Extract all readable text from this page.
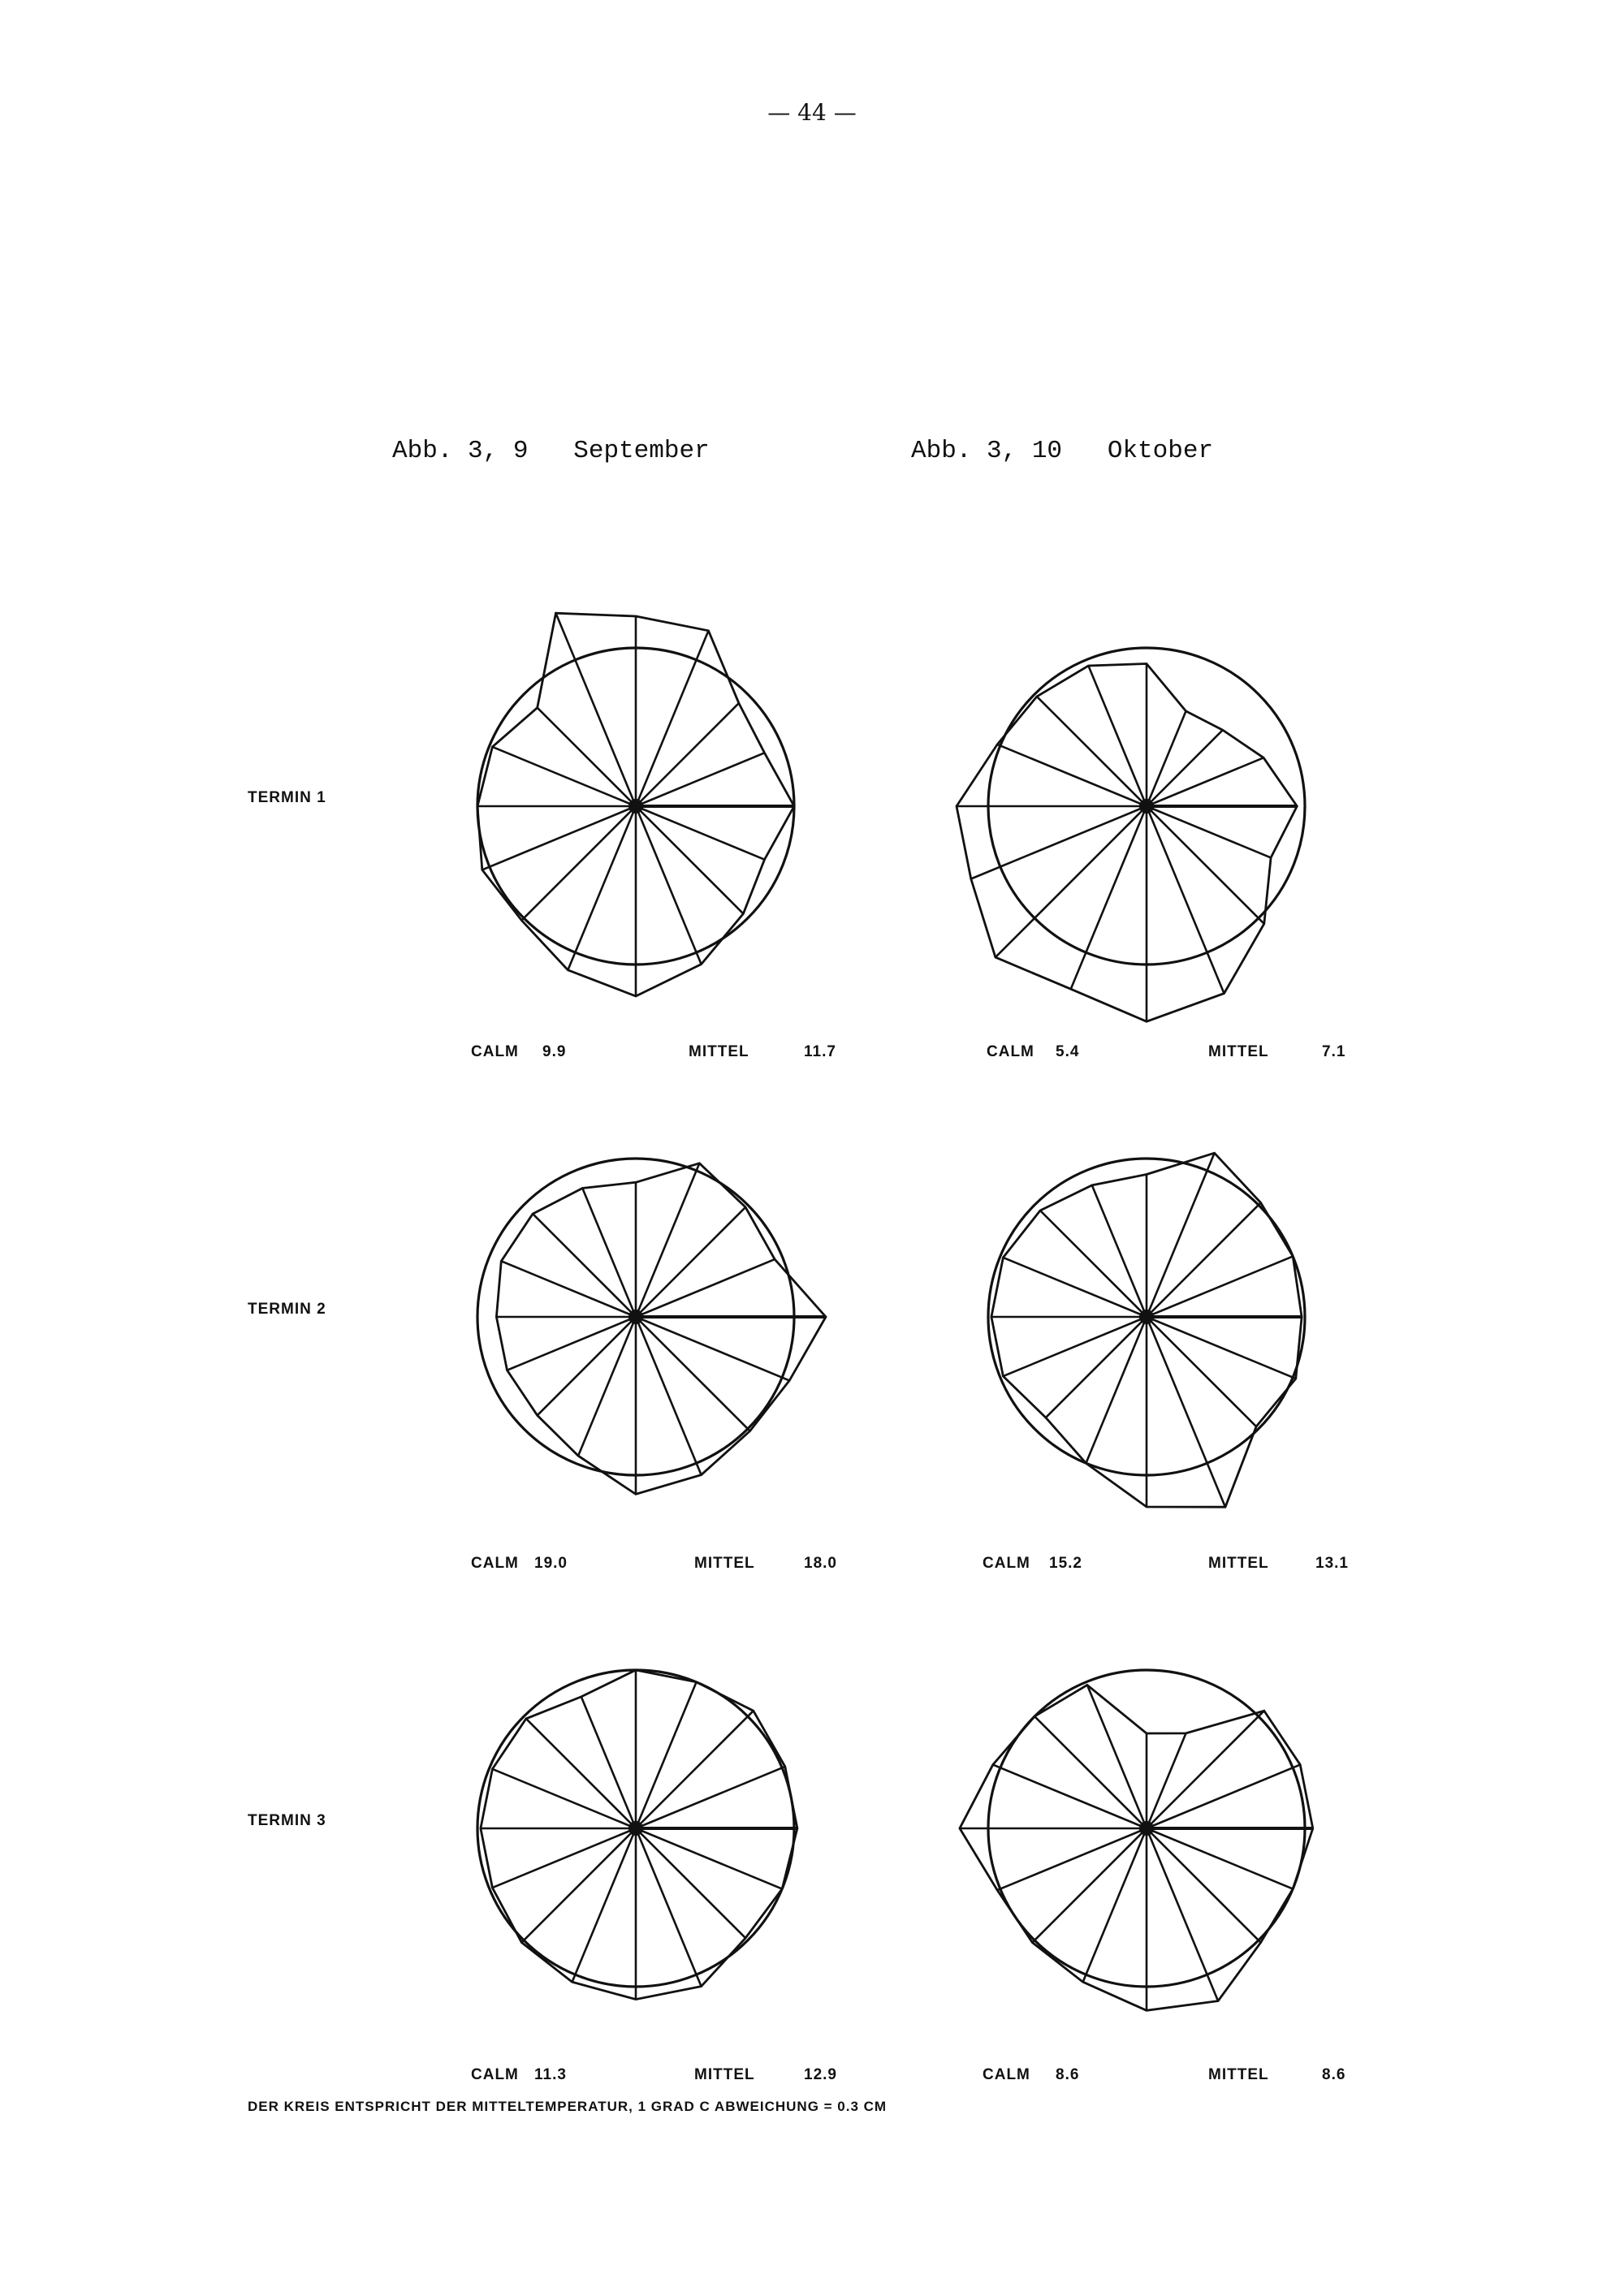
— 44 —
Abb. 3, 9 September	Abb. 3, 10 Oktober
TERMIN 1
TERMIN 2
TERMIN 3
CALM 9.9	MITTEL	11.7	CALM 5.4	MITTEL	7.1
CALM 19.0	MITTEL	18.0	CALM 15.2	MITTEL	13.1
CALM 11.3	MITTEL	12.9	CALM 8.6	MITTEL	8.6
DER KREIS ENTSPRICHT DER MITTELTEMPERATUR, 1 GRAD C ABWEICHUNG = 0.3 CM
